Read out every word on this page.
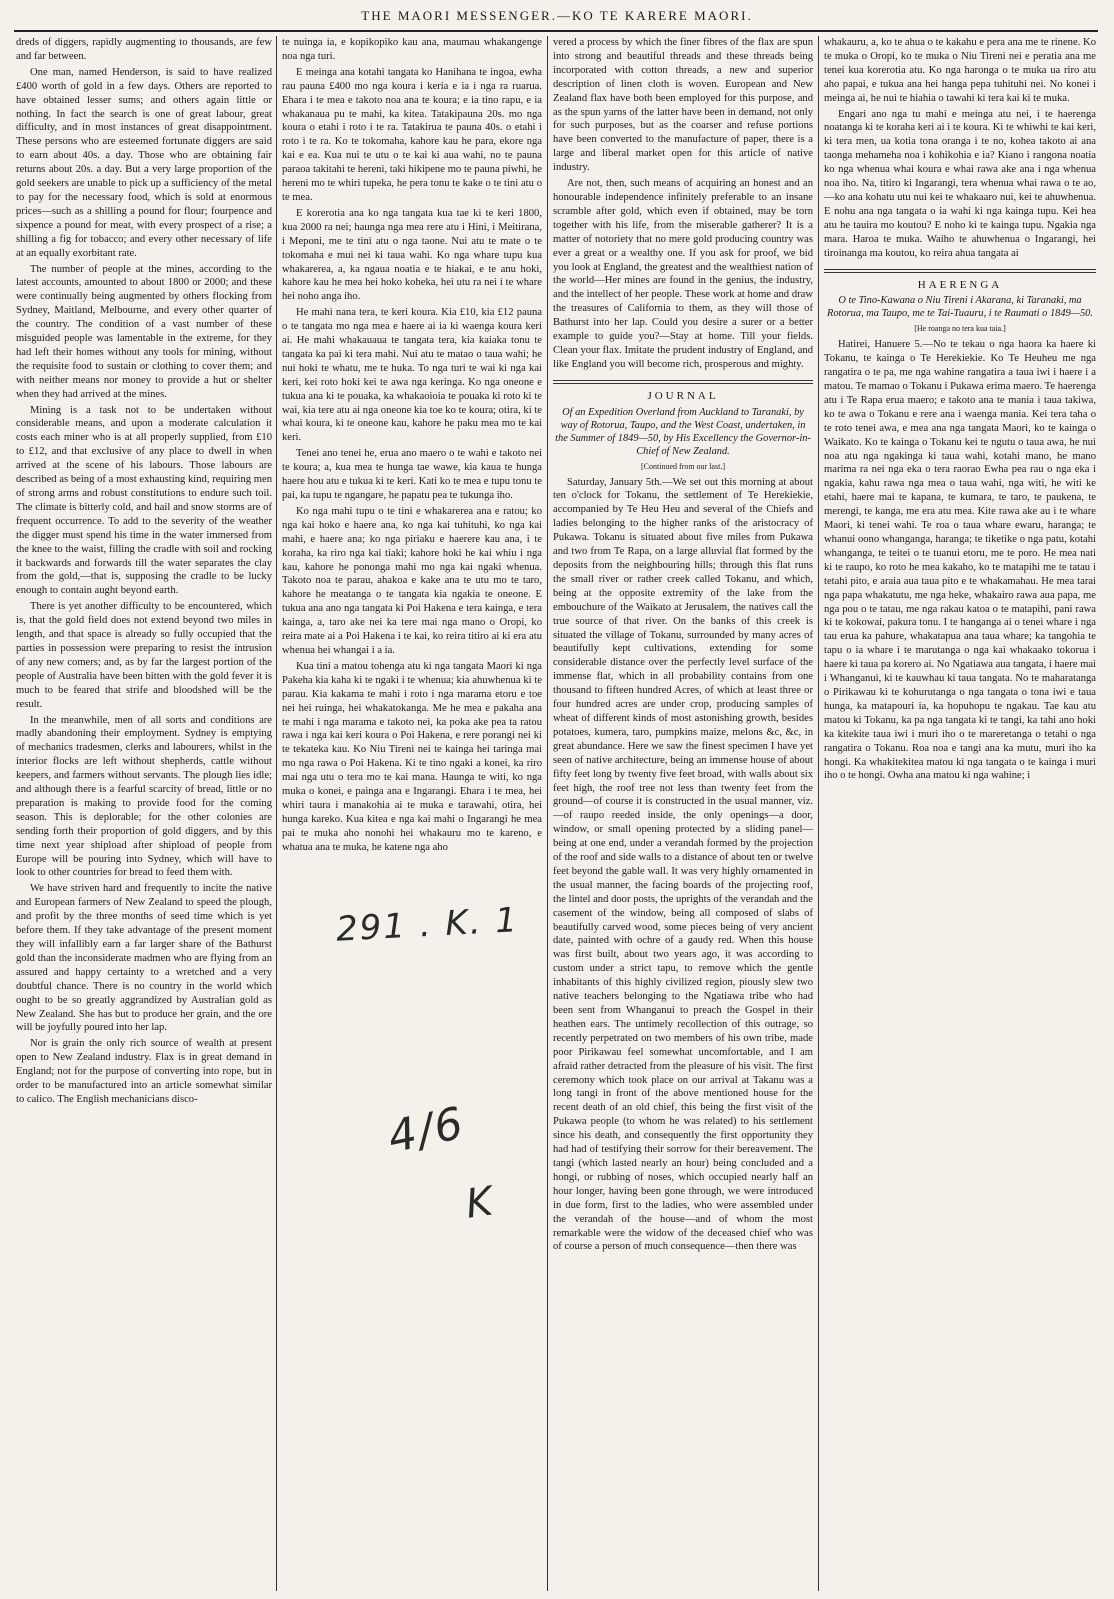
THE MAORI MESSENGER.—KO TE KARERE MAORI.

dreds of diggers, rapidly augmenting to thousands, are few and far between.

One man, named Henderson, is said to have realized £400 worth of gold in a few days. Others are reported to have obtained lesser sums; and others again little or nothing. In fact the search is one of great labour, great difficulty, and in most instances of great disappointment. These persons who are esteemed fortunate diggers are said to earn about 40s. a day. Those who are obtaining fair returns about 20s. a day. But a very large proportion of the gold seekers are unable to pick up a sufficiency of the metal to pay for the necessary food, which is sold at enormous prices—such as a shilling a pound for flour; fourpence and sixpence a pound for meat, with every prospect of a rise; a shilling a fig for tobacco; and every other necessary of life at an equally exorbitant rate.

The number of people at the mines, according to the latest accounts, amounted to about 1800 or 2000; and these were continually being augmented by others flocking from Sydney, Maitland, Melbourne, and every other quarter of the country. The condition of a vast number of these misguided people was lamentable in the extreme, for they had left their homes without any tools for mining, without the requisite food to sustain or clothing to cover them; and with neither means nor money to provide a hut or shelter when they had arrived at the mines.

Mining is a task not to be undertaken without considerable means, and upon a moderate calculation it costs each miner who is at all properly supplied, from £10 to £12, and that exclusive of any place to dwell in when arrived at the scene of his labours. Those labours are described as being of a most exhausting kind, requiring men of strong arms and robust constitutions to endure such toil. The climate is bitterly cold, and hail and snow storms are of frequent occurrence. To add to the severity of the weather the digger must spend his time in the water immersed from the knee to the waist, filling the cradle with soil and rocking it backwards and forwards till the water separates the clay from the gold,—that is, supposing the cradle to be lucky enough to contain aught beyond earth.

There is yet another difficulty to be encountered, which is, that the gold field does not extend beyond two miles in length, and that space is already so fully occupied that the parties in possession were preparing to resist the intrusion of any new comers; and, as by far the largest portion of the people of Australia have been bitten with the gold fever it is much to be feared that strife and bloodshed will be the result.

In the meanwhile, men of all sorts and conditions are madly abandoning their employment. Sydney is emptying of mechanics tradesmen, clerks and labourers, whilst in the interior flocks are left without shepherds, cattle without keepers, and farmers without servants. The plough lies idle; and although there is a fearful scarcity of bread, little or no preparation is making to provide food for the coming season. This is deplorable; for the other colonies are sending forth their proportion of gold diggers, and by this time next year shipload after shipload of people from Europe will be pouring into Sydney, which will have to look to other countries for bread to feed them with.

We have striven hard and frequently to incite the native and European farmers of New Zealand to speed the plough, and profit by the three months of seed time which is yet before them. If they take advantage of the present moment they will infallibly earn a far larger share of the Bathurst gold than the inconsiderate madmen who are flying from an assured and happy certainty to a wretched and a very doubtful chance. There is no country in the world which ought to be so greatly aggrandized by Australian gold as New Zealand. She has but to produce her grain, and the ore will be joyfully poured into her lap.

Nor is grain the only rich source of wealth at present open to New Zealand industry. Flax is in great demand in England; not for the purpose of converting into rope, but in order to be manufactured into an article somewhat similar to calico. The English mechanicians disco-

te nuinga ia, e kopikopiko kau ana, maumau whakangenge noa nga turi.

E meinga ana kotahi tangata ko Hanihana te ingoa, ewha rau pauna £400 mo nga koura i keria e ia i nga ra ruarua. Ehara i te mea e takoto noa ana te koura; e ia tino rapu, e ia whakanaua pu te mahi, ka kitea. Tatakipauna 20s. mo nga koura o etahi i roto i te ra. Tatakirua te pauna 40s. o etahi i roto i te ra. Ko te tokomaha, kahore kau he para, ekore nga kai e ea. Kua nui te utu o te kai ki aua wahi, no te pauna paraoa takitahi te hereni, taki hikipene mo te pauna piwhi, he hereni mo te whiri tupeka, he pera tonu te kake o te tini atu o te mea.

E korerotia ana ko nga tangata kua tae ki te keri 1800, kua 2000 ra nei; haunga nga mea rere atu i Hini, i Meitirana, i Meponi, me te tini atu o nga taone. Nui atu te mate o te tokomaha e mui nei ki taua wahi. Ko nga whare tupu kua whakarerea, a, ka ngaua noatia e te hiakai, e te anu hoki, kahore kau he mea hei hoko koheka, hei utu ra nei i te whare hei noho anga iho.

He mahi nana tera, te keri koura. Kia £10, kia £12 pauna o te tangata mo nga mea e haere ai ia ki waenga koura keri ai. He mahi whakauaua te tangata tera, kia kaiaka tonu te tangata ka pai ki tera mahi. Nui atu te matao o taua wahi; he nui hoki te whatu, me te huka. To nga turi te wai ki nga kai keri, kei roto hoki kei te awa nga keringa. Ko nga oneone e tukua ana ki te pouaka, ka whakaoioia te pouaka ki roto ki te wai, kia tere atu ai nga oneone kia toe ko te koura; otira, ki te whai koura, ki te oneone kau, kahore he paku mea mo te kai keri.

Tenei ano tenei he, erua ano maero o te wahi e takoto nei te koura; a, kua mea te hunga tae wawe, kia kaua te hunga haere hou atu e tukua ki te keri. Kati ko te mea e tupu tonu te pai, ka tupu te ngangare, he papatu pea te tukunga iho.

Ko nga mahi tupu o te tini e whakarerea ana e ratou; ko nga kai hoko e haere ana, ko nga kai tuhituhi, ko nga kai mahi, e haere ana; ko nga piriaku e haerere kau ana, i te koraha, ka riro nga kai tiaki; kahore hoki he kai whiu i nga kau, kahore he pononga mahi mo nga kai ngaki whenua. Takoto noa te parau, ahakoa e kake ana te utu mo te taro, kahore he meatanga o te tangata kia ngakia te oneone. E tukua ana ano nga tangata ki Poi Hakena e tera kainga, e tera kainga, a, taro ake nei ka tere mai nga mano o Oropi, ko reira mate ai a Poi Hakena i te kai, ko reira titiro ai ki era atu whenua hei whangai i a ia.

Kua tini a matou tohenga atu ki nga tangata Maori ki nga Pakeha kia kaha ki te ngaki i te whenua; kia ahuwhenua ki te parau. Kia kakama te mahi i roto i nga marama etoru e toe nei hei ruinga, hei whakatokanga. Me he mea e pakaha ana te mahi i nga marama e takoto nei, ka poka ake pea ta ratou rawa i nga kai keri koura o Poi Hakena, e rere porangi nei ki te tekateka kau. Ko Niu Tireni nei te kainga hei taringa mai mo nga rawa o Poi Hakena. Ki te tino ngaki a konei, ka riro mai nga utu o tera mo te kai mana. Haunga te witi, ko nga muka o konei, e painga ana e Ingarangi. Ehara i te mea, hei whiri taura i manakohia ai te muka e tarawahi, otira, hei hunga kareko. Kua kitea e nga kai mahi o Ingarangi he mea pai te muka aho nonohi hei whakauru mo te kareno, e whatua ana te muka, he katene nga aho

vered a process by which the finer fibres of the flax are spun into strong and beautiful threads and these threads being incorporated with cotton threads, a new and superior description of linen cloth is woven. European and New Zealand flax have both been employed for this purpose, and as the spun yarns of the latter have been in demand, not only for such purposes, but as the coarser and refuse portions have been converted to the manufacture of paper, there is a large and liberal market open for this article of native industry.

Are not, then, such means of acquiring an honest and an honourable independence infinitely preferable to an insane scramble after gold, which even if obtained, may be torn together with his life, from the miserable gatherer? It is a matter of notoriety that no mere gold producing country was ever a great or a wealthy one. If you ask for proof, we bid you look at England, the greatest and the wealthiest nation of the world—Her mines are found in the genius, the industry, and the intellect of her people. These work at home and draw the treasures of California to them, as they will those of Bathurst into her lap. Could you desire a surer or a better example to guide you?—Stay at home. Till your fields. Clean your flax. Imitate the prudent industry of England, and like England you will become rich, prosperous and mighty.

JOURNAL

Of an Expedition Overland from Auckland to Taranaki, by way of Rotorua, Taupo, and the West Coast, undertaken, in the Summer of 1849—50, by His Excellency the Governor-in-Chief of New Zealand.

[Continued from our last.]

Saturday, January 5th.—We set out this morning at about ten o'clock for Tokanu, the settlement of Te Herekiekie, accompanied by Te Heu Heu and several of the Chiefs and ladies belonging to the higher ranks of the aristocracy of Pukawa. Tokanu is situated about five miles from Pukawa and two from Te Rapa, on a large alluvial flat formed by the deposits from the neighbouring hills; through this flat runs the small river or rather creek called Tokanu, and which, being at the opposite extremity of the lake from the embouchure of the Waikato at Jerusalem, the natives call the true source of that river. On the banks of this creek is situated the village of Tokanu, surrounded by many acres of beautifully kept cultivations, extending for some considerable distance over the perfectly level surface of the immense flat, which in all probability contains from one thousand to fifteen hundred Acres, of which at least three or four hundred acres are under crop, producing samples of wheat of different kinds of most astonishing growth, besides potatoes, kumera, taro, pumpkins maize, melons &c, &c, in great abundance. Here we saw the finest specimen I have yet seen of native architecture, being an immense house of about fifty feet long by twenty five feet broad, with walls about six feet high, the roof tree not less than twenty feet from the ground—of course it is constructed in the usual manner, viz.—of raupo reeded inside, the only openings—a door, window, or small opening protected by a sliding panel—being at one end, under a verandah formed by the projection of the roof and side walls to a distance of about ten or twelve feet beyond the gable wall. It was very highly ornamented in the usual manner, the facing boards of the projecting roof, the lintel and door posts, the uprights of the verandah and the casement of the window, being all composed of slabs of beautifully carved wood, some pieces being of very ancient date, painted with ochre of a gaudy red. When this house was first built, about two years ago, it was according to custom under a strict tapu, to remove which the gentle inhabitants of this highly civilized region, piously slew two native teachers belonging to the Ngatiawa tribe who had been sent from Whanganui to preach the Gospel in their heathen ears. The untimely recollection of this outrage, so recently perpetrated on two members of his own tribe, made poor Pirikawau feel somewhat uncomfortable, and I am afraid rather detracted from the pleasure of his visit. The first ceremony which took place on our arrival at Takanu was a long tangi in front of the above mentioned house for the recent death of an old chief, this being the first visit of the Pukawa people (to whom he was related) to his settlement since his death, and consequently the first opportunity they had had of testifying their sorrow for their bereavement. The tangi (which lasted nearly an hour) being concluded and a hongi, or rubbing of noses, which occupied nearly half an hour longer, having been gone through, we were introduced in due form, first to the ladies, who were assembled under the verandah of the house—and of whom the most remarkable were the widow of the deceased chief who was of course a person of much consequence—then there was

whakauru, a, ko te ahua o te kakahu e pera ana me te rinene. Ko te muka o Oropi, ko te muka o Niu Tireni nei e peratia ana me tenei kua korerotia atu. Ko nga haronga o te muka ua riro atu aho papai, e tukua ana hei hanga pepa tuhituhi nei. No konei i meinga ai, he nui te hiahia o tawahi ki tera kai ki te muka.

Engari ano nga tu mahi e meinga atu nei, i te haerenga noatanga ki te koraha keri ai i te koura. Ki te whiwhi te kai keri, ki tera men, ua kotia tona oranga i te no, kohea takoto ai ana taonga mehameha noa i kohikohia e ia? Kiano i rangona noatia ko nga whenua whai koura e whai rawa ake ana i nga whenua noa iho. Na, titiro ki Ingarangi, tera whenua whai rawa o te ao,—ko ana kohatu utu nui kei te whakaaro nui, kei te ahuwhenua. E nohu ana nga tangata o ia wahi ki nga kainga tupu. Kei hea atu he tauira mo koutou? E noho ki te kainga tupu. Ngakia nga mara. Haroa te muka. Waiho te ahuwhenua o Ingarangi, hei tiroinanga ma koutou, ko reira ahua tangata ai

HAERENGA

O te Tino-Kawana o Niu Tireni i Akarana, ki Taranaki, ma Rotorua, ma Taupo, me te Tai-Tuauru, i te Raumati o 1849—50.

[He roanga no tera kua taia.]

Hatirei, Hanuere 5.—No te tekau o nga haora ka haere ki Tokanu, te kainga o Te Herekiekie. Ko Te Heuheu me nga rangatira o te pa, me nga wahine rangatira a taua iwi i haere i a matou. Te mamao o Tokanu i Pukawa erima maero. Te haerenga atu i Te Rapa erua maero; e takoto ana te mania i taua takiwa, ko te awa o Tokanu e rere ana i waenga mania. Kei tera taha o te roto tenei awa, e mea ana nga tangata Maori, ko te kainga o Waikato. Ko te kainga o Tokanu kei te ngutu o taua awa, he nui noa atu nga ngakinga ki taua wahi, kotahi mano, he mano marima ra nei nga eka o tera raorao Ewha pea rau o nga eka i ngakia, kahu rawa nga mea o taua wahi, nga witi, he witi ke etahi, haere mai te kapana, te kumara, te taro, te paukena, te merengi, te kanga, me era atu mea. Kite rawa ake au i te whare Maori, ki tenei wahi. Te roa o taua whare ewaru, haranga; te whanui oono whanganga, haranga; te tiketike o nga patu, kotahi whanganga, te teitei o te tuanui etoru, me te poro. He mea nati ki te raupo, ko roto he mea kakaho, ko te matapihi me te tatau i tetahi pito, e araia aua taua pito e te whakamahau. He mea tarai nga papa whakatutu, me nga heke, whakairo rawa aua papa, me nga pou o te tatau, me nga rakau katoa o te matapihi, pani rawa ki te kokowai, pakura tonu. I te hanganga ai o tenei whare i nga tau erua ka pahure, whakatapua ana taua whare; ka tangohia te tapu o ia whare i te marutanga o nga kai whakaako tokorua i haere ki taua pa korero ai. No Ngatiawa aua tangata, i haere mai i Whanganui, ki te kauwhau ki taua tangata. No te maharatanga o Pirikawau ki te kohurutanga o nga tangata o tona iwi e taua hunga, ka matapouri ia, ka hopuhopu te ngakau. Tae kau atu matou ki Tokanu, ka pa nga tangata ki te tangi, ka tahi ano hoki ka kitekite taua iwi i muri iho o te mareretanga o tetahi o nga rangatira o Tokanu. Roa noa e tangi ana ka mutu, muri iho ka hongi. Ka whakitekitea matou ki nga tangata o te kainga i muri iho o te hongi. Owha ana matou ki nga wahine; i

291 . K. 1
4/6
K
